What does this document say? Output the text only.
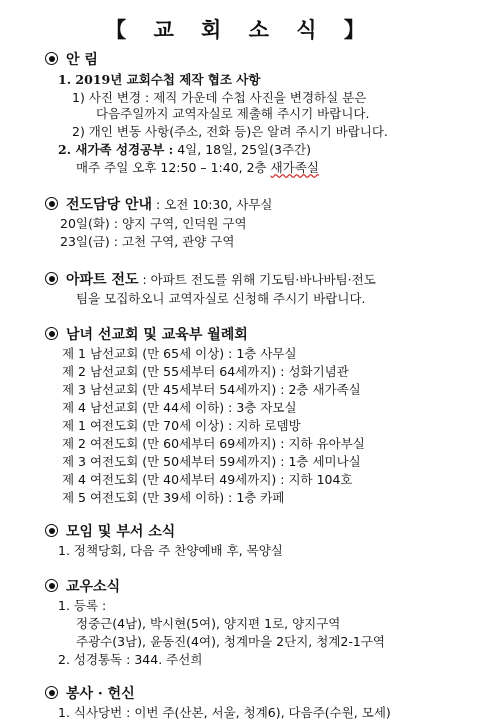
【 교 회 소 식 】
안 림
1. 2019년 교회수첩 제작 협조 사항
1) 사진 변경 : 제직 가운데 수첩 사진을 변경하실 분은
다음주일까지 교역자실로 제출해 주시기 바랍니다.
2) 개인 변동 사항(주소, 전화 등)은 알려 주시기 바랍니다.
2. 새가족 성경공부 : 4일, 18일, 25일(3주간)
매주 주일 오후 12:50 – 1:40, 2층 새가족실
전도담당 안내 : 오전 10:30, 사무실
20일(화) : 양지 구역, 인덕원 구역
23일(금) : 고천 구역, 관양 구역
아파트 전도 : 아파트 전도를 위해 기도팀·바나바팀·전도
팀을 모집하오니 교역자실로 신청해 주시기 바랍니다.
남녀 선교회 및 교육부 월례회
제 1 남선교회 (만 65세 이상) : 1층 사무실
제 2 남선교회 (만 55세부터 64세까지) : 성화기념관
제 3 남선교회 (만 45세부터 54세까지) : 2층 새가족실
제 4 남선교회 (만 44세 이하) : 3층 자모실
제 1 여전도회 (만 70세 이상) : 지하 로뎀방
제 2 여전도회 (만 60세부터 69세까지) : 지하 유아부실
제 3 여전도회 (만 50세부터 59세까지) : 1층 세미나실
제 4 여전도회 (만 40세부터 49세까지) : 지하 104호
제 5 여전도회 (만 39세 이하) : 1층 카페
모임 및 부서 소식
1. 정책당회, 다음 주 찬양예배 후, 목양실
교우소식
1. 등록 :
정중근(4남), 박시현(5여), 양지편 1로, 양지구역
주광수(3남), 윤동진(4여), 청계마을 2단지, 청계2-1구역
2. 성경통독 : 344. 주선희
봉사 · 헌신
1. 식사당번 : 이번 주(산본, 서울, 청계6), 다음주(수원, 모세)
